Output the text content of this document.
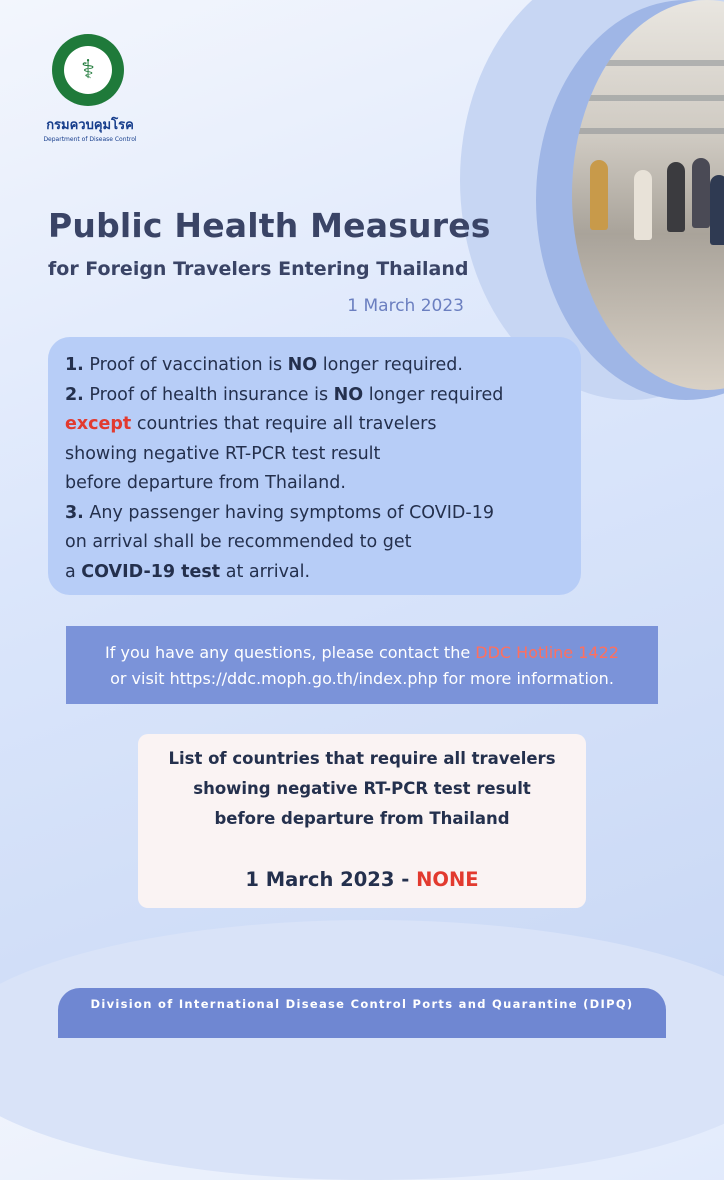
⚕
กรมควบคุมโรค
Department of Disease Control
Public Health Measures
for Foreign Travelers Entering Thailand
1 March 2023

1. Proof of vaccination is NO longer required.

2. Proof of health insurance is NO longer required

except countries that require all travelers

showing negative RT-PCR test result

before departure from Thailand.

3. Any passenger having symptoms of COVID-19

on arrival shall be recommended to get

a COVID-19 test at arrival.

If you have any questions, please contact the DDC Hotline 1422
or visit https://ddc.moph.go.th/index.php for more information.
List of countries that require all travelers
showing negative RT-PCR test result
before departure from Thailand
1 March 2023 - NONE
Division of International Disease Control Ports and Quarantine (DIPQ)
